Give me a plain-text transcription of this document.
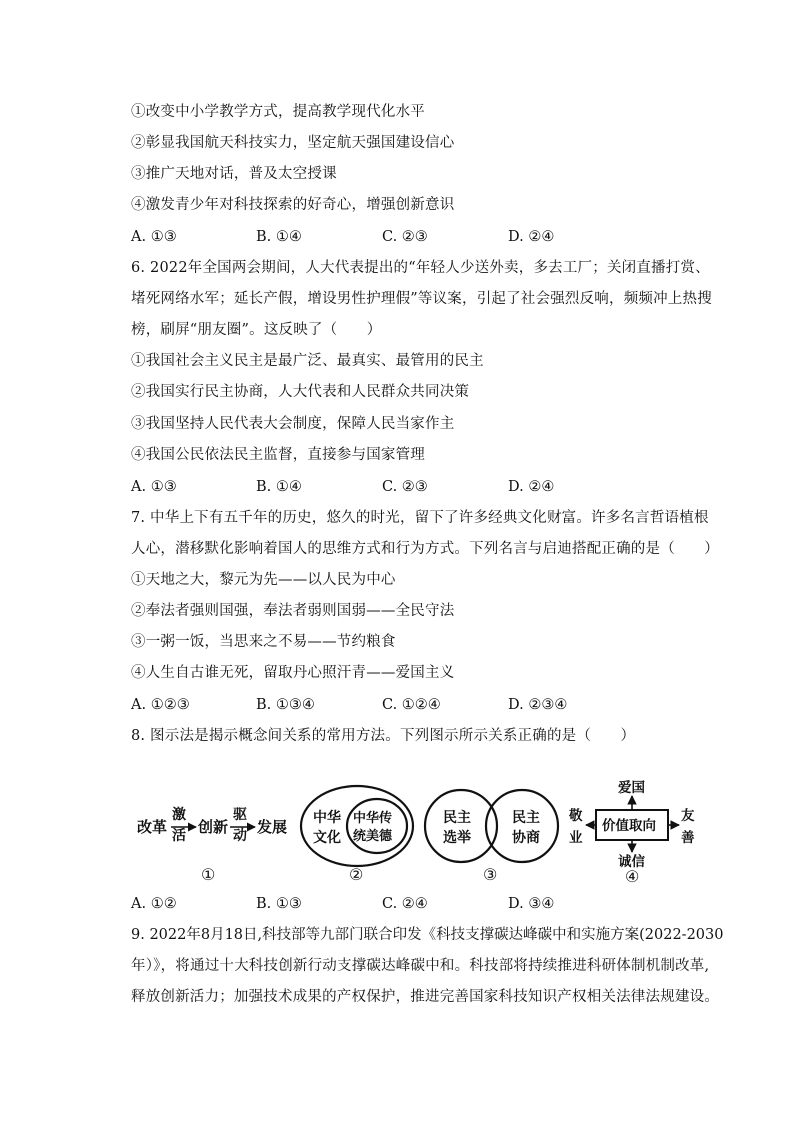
①改变中小学教学方式，提高教学现代化水平
②彰显我国航天科技实力，坚定航天强国建设信心
③推广天地对话，普及太空授课
④激发青少年对科技探索的好奇心，增强创新意识
A. ①③	B. ①④	C. ②③	D. ②④
6. 2022年全国两会期间，人大代表提出的“年轻人少送外卖，多去工厂；关闭直播打赏、
堵死网络水军；延长产假，增设男性护理假”等议案，引起了社会强烈反响，频频冲上热搜
榜，刷屏“朋友圈”。这反映了（　　）
①我国社会主义民主是最广泛、最真实、最管用的民主
②我国实行民主协商，人大代表和人民群众共同决策
③我国坚持人民代表大会制度，保障人民当家作主
④我国公民依法民主监督，直接参与国家管理
A. ①③	B. ①④	C. ②③	D. ②④
7. 中华上下有五千年的历史，悠久的时光，留下了许多经典文化财富。许多名言哲语植根
人心，潜移默化影响着国人的思维方式和行为方式。下列名言与启迪搭配正确的是（　　）
①天地之大，黎元为先——以人民为中心
②奉法者强则国强，奉法者弱则国弱——全民守法
③一粥一饭，当思来之不易——节约粮食
④人生自古谁无死，留取丹心照汗青——爱国主义
A. ①②③	B. ①③④	C. ①②④	D. ②③④
8. 图示法是揭示概念间关系的常用方法。下列图示所示关系正确的是（　　）
改革
激
活 创新
驱
动 发展
①
中华
文化
中华传
统美德
②
民主
选举
民主
协商
③
价值取向
爱国
诚信
敬
业
友
善
④
A. ①②	B. ①③	C. ②④	D. ③④
9. 2022年8月18日,科技部等九部门联合印发《科技支撑碳达峰碳中和实施方案(2022-2030
年）》，将通过十大科技创新行动支撑碳达峰碳中和。科技部将持续推进科研体制机制改革,
释放创新活力；加强技术成果的产权保护，推进完善国家科技知识产权相关法律法规建设。
